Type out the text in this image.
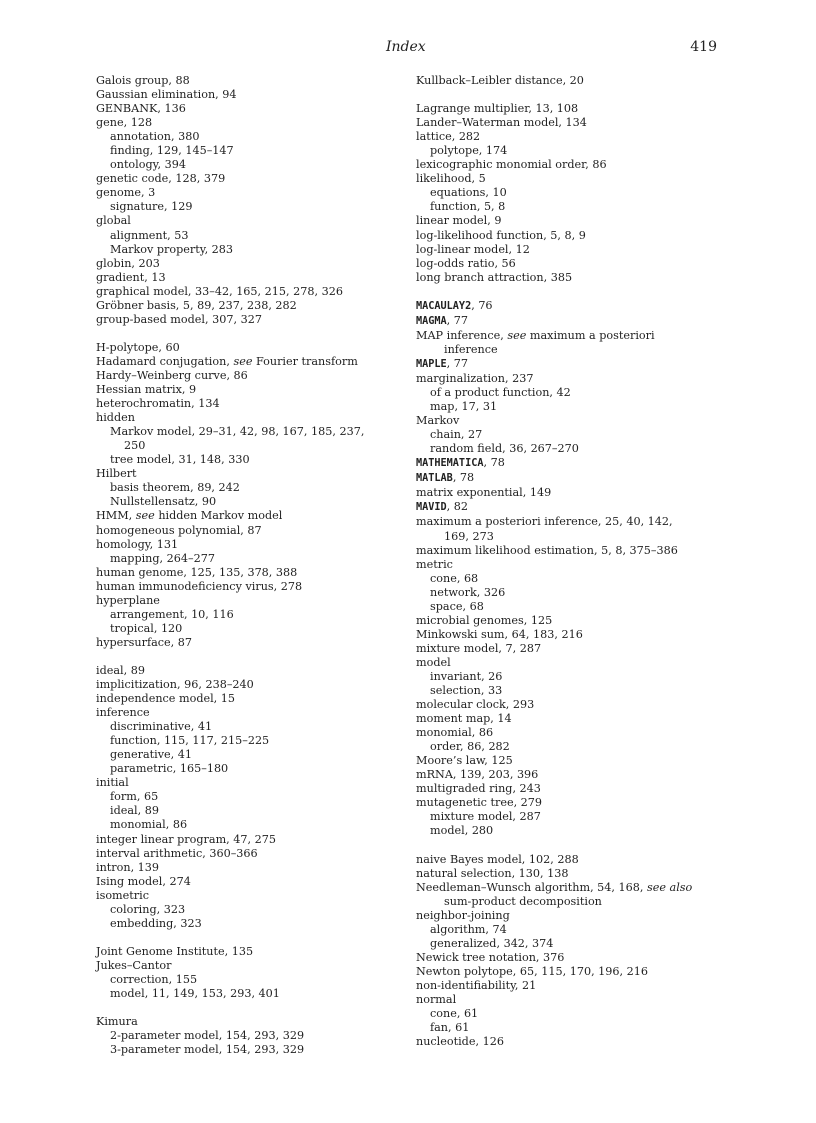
Index	419
Galois group, 88
Gaussian elimination, 94
GENBANK, 136
gene, 128
annotation, 380
finding, 129, 145–147
ontology, 394
genetic code, 128, 379
genome, 3
signature, 129
global
alignment, 53
Markov property, 283
globin, 203
gradient, 13
graphical model, 33–42, 165, 215, 278, 326
Gröbner basis, 5, 89, 237, 238, 282
group-based model, 307, 327
H-polytope, 60
Hadamard conjugation, see Fourier transform
Hardy–Weinberg curve, 86
Hessian matrix, 9
heterochromatin, 134
hidden
Markov model, 29–31, 42, 98, 167, 185, 237,
250
tree model, 31, 148, 330
Hilbert
basis theorem, 89, 242
Nullstellensatz, 90
HMM, see hidden Markov model
homogeneous polynomial, 87
homology, 131
mapping, 264–277
human genome, 125, 135, 378, 388
human immunodeficiency virus, 278
hyperplane
arrangement, 10, 116
tropical, 120
hypersurface, 87
ideal, 89
implicitization, 96, 238–240
independence model, 15
inference
discriminative, 41
function, 115, 117, 215–225
generative, 41
parametric, 165–180
initial
form, 65
ideal, 89
monomial, 86
integer linear program, 47, 275
interval arithmetic, 360–366
intron, 139
Ising model, 274
isometric
coloring, 323
embedding, 323
Joint Genome Institute, 135
Jukes–Cantor
correction, 155
model, 11, 149, 153, 293, 401
Kimura
2-parameter model, 154, 293, 329
3-parameter model, 154, 293, 329
Kullback–Leibler distance, 20
Lagrange multiplier, 13, 108
Lander–Waterman model, 134
lattice, 282
polytope, 174
lexicographic monomial order, 86
likelihood, 5
equations, 10
function, 5, 8
linear model, 9
log-likelihood function, 5, 8, 9
log-linear model, 12
log-odds ratio, 56
long branch attraction, 385
MACAULAY2, 76
MAGMA, 77
MAP inference, see maximum a posteriori
inference
MAPLE, 77
marginalization, 237
of a product function, 42
map, 17, 31
Markov
chain, 27
random field, 36, 267–270
MATHEMATICA, 78
MATLAB, 78
matrix exponential, 149
MAVID, 82
maximum a posteriori inference, 25, 40, 142,
169, 273
maximum likelihood estimation, 5, 8, 375–386
metric
cone, 68
network, 326
space, 68
microbial genomes, 125
Minkowski sum, 64, 183, 216
mixture model, 7, 287
model
invariant, 26
selection, 33
molecular clock, 293
moment map, 14
monomial, 86
order, 86, 282
Moore’s law, 125
mRNA, 139, 203, 396
multigraded ring, 243
mutagenetic tree, 279
mixture model, 287
model, 280
naive Bayes model, 102, 288
natural selection, 130, 138
Needleman–Wunsch algorithm, 54, 168, see also
sum-product decomposition
neighbor-joining
algorithm, 74
generalized, 342, 374
Newick tree notation, 376
Newton polytope, 65, 115, 170, 196, 216
non-identifiability, 21
normal
cone, 61
fan, 61
nucleotide, 126
